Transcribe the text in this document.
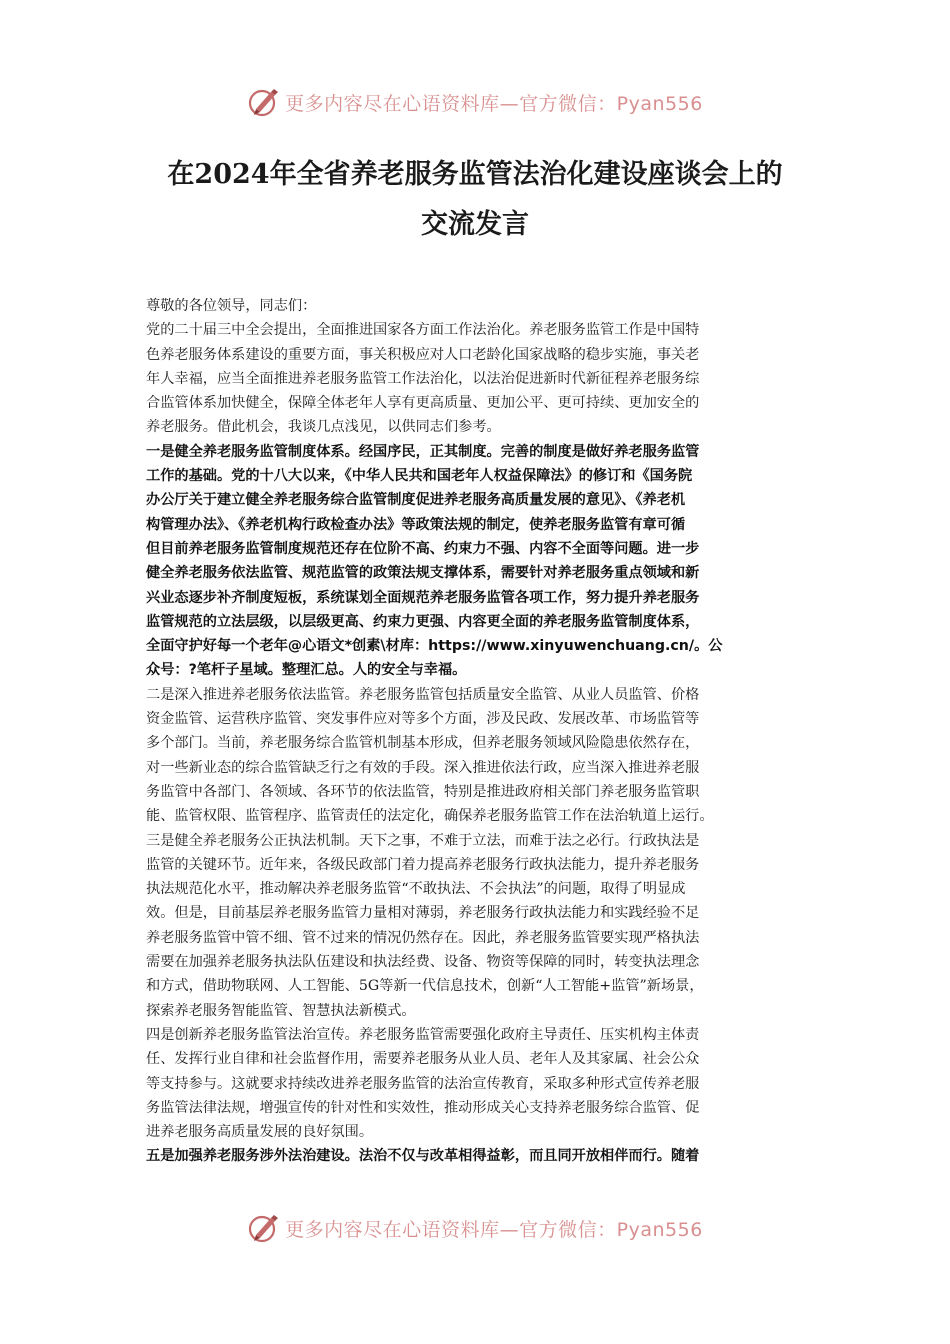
更多内容尽在心语资料库—官方微信：Pyan556
在2024年全省养老服务监管法治化建设座谈会上的
交流发言
尊敬的各位领导，同志们：
党的二十届三中全会提出，全面推进国家各方面工作法治化。养老服务监管工作是中国特
色养老服务体系建设的重要方面，事关积极应对人口老龄化国家战略的稳步实施，事关老
年人幸福，应当全面推进养老服务监管工作法治化，以法治促进新时代新征程养老服务综
合监管体系加快健全，保障全体老年人享有更高质量、更加公平、更可持续、更加安全的
养老服务。借此机会，我谈几点浅见，以供同志们参考。
一是健全养老服务监管制度体系。经国序民，正其制度。完善的制度是做好养老服务监管
工作的基础。党的十八大以来，《中华人民共和国老年人权益保障法》的修订和《国务院
办公厅关于建立健全养老服务综合监管制度促进养老服务高质量发展的意见》、《养老机
构管理办法》、《养老机构行政检查办法》等政策法规的制定，使养老服务监管有章可循
但目前养老服务监管制度规范还存在位阶不高、约束力不强、内容不全面等问题。进一步
健全养老服务依法监管、规范监管的政策法规支撑体系，需要针对养老服务重点领域和新
兴业态逐步补齐制度短板，系统谋划全面规范养老服务监管各项工作，努力提升养老服务
监管规范的立法层级，以层级更高、约束力更强、内容更全面的养老服务监管制度体系，
全面守护好每一个老年@心语文*创素\材库：https://www.xinyuwenchuang.cn/。公
众号：?笔杆子星域。整理汇总。人的安全与幸福。
二是深入推进养老服务依法监管。养老服务监管包括质量安全监管、从业人员监管、价格
资金监管、运营秩序监管、突发事件应对等多个方面，涉及民政、发展改革、市场监管等
多个部门。当前，养老服务综合监管机制基本形成，但养老服务领域风险隐患依然存在，
对一些新业态的综合监管缺乏行之有效的手段。深入推进依法行政，应当深入推进养老服
务监管中各部门、各领域、各环节的依法监管，特别是推进政府相关部门养老服务监管职
能、监管权限、监管程序、监管责任的法定化，确保养老服务监管工作在法治轨道上运行。
三是健全养老服务公正执法机制。天下之事，不难于立法，而难于法之必行。行政执法是
监管的关键环节。近年来，各级民政部门着力提高养老服务行政执法能力，提升养老服务
执法规范化水平，推动解决养老服务监管“不敢执法、不会执法”的问题，取得了明显成
效。但是，目前基层养老服务监管力量相对薄弱，养老服务行政执法能力和实践经验不足
养老服务监管中管不细、管不过来的情况仍然存在。因此，养老服务监管要实现严格执法
需要在加强养老服务执法队伍建设和执法经费、设备、物资等保障的同时，转变执法理念
和方式，借助物联网、人工智能、5G等新一代信息技术，创新“人工智能+监管”新场景，
探索养老服务智能监管、智慧执法新模式。
四是创新养老服务监管法治宣传。养老服务监管需要强化政府主导责任、压实机构主体责
任、发挥行业自律和社会监督作用，需要养老服务从业人员、老年人及其家属、社会公众
等支持参与。这就要求持续改进养老服务监管的法治宣传教育，采取多种形式宣传养老服
务监管法律法规，增强宣传的针对性和实效性，推动形成关心支持养老服务综合监管、促
进养老服务高质量发展的良好氛围。
五是加强养老服务涉外法治建设。法治不仅与改革相得益彰，而且同开放相伴而行。随着
更多内容尽在心语资料库—官方微信：Pyan556
